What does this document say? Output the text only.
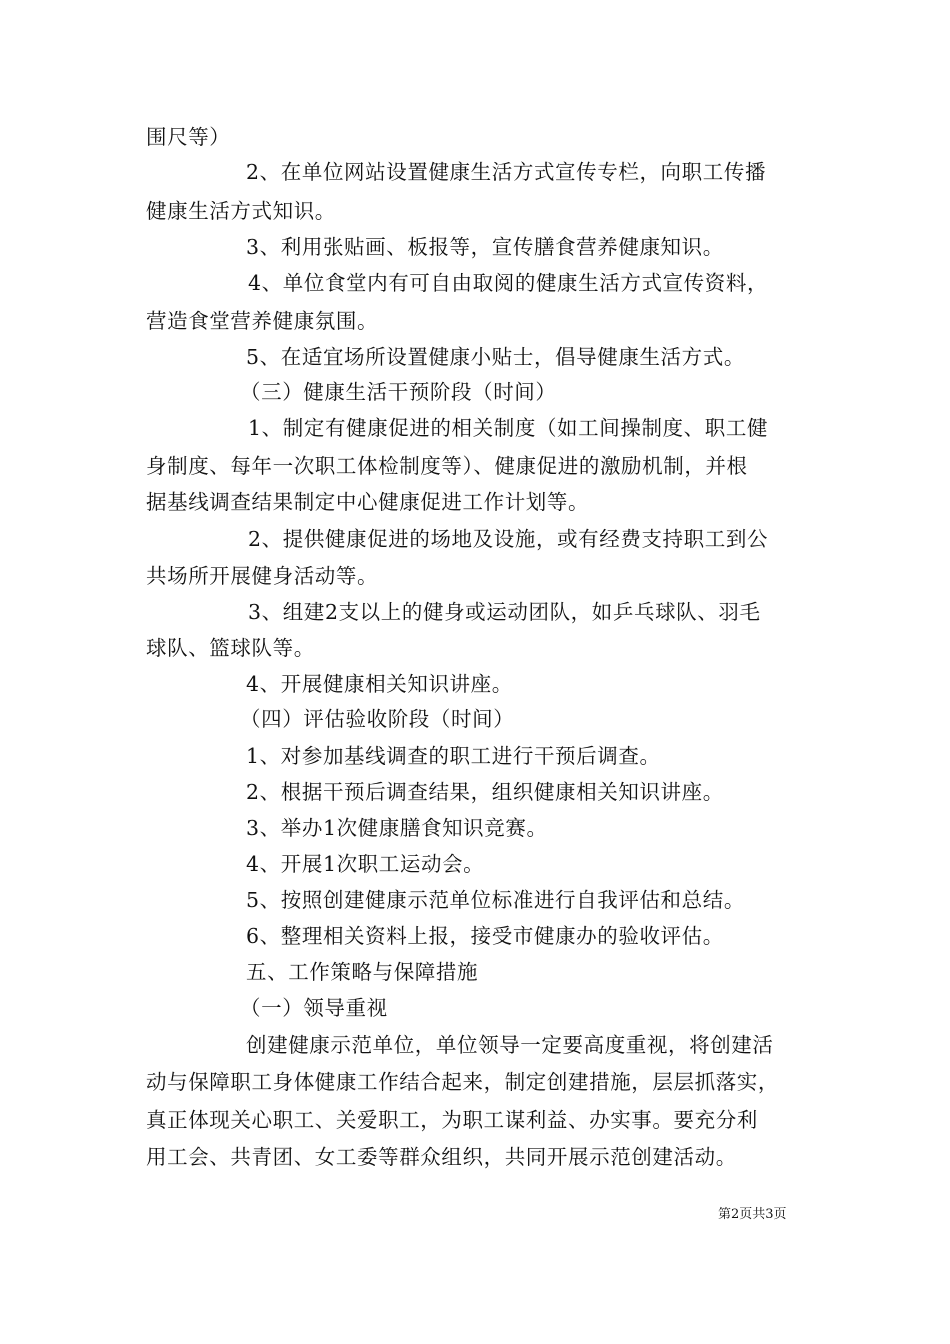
围尺等）
2、在单位网站设置健康生活方式宣传专栏，向职工传播
健康生活方式知识。
3、利用张贴画、板报等，宣传膳食营养健康知识。
4、单位食堂内有可自由取阅的健康生活方式宣传资料，
营造食堂营养健康氛围。
5、在适宜场所设置健康小贴士，倡导健康生活方式。
（三）健康生活干预阶段（时间）
1、制定有健康促进的相关制度（如工间操制度、职工健
身制度、每年一次职工体检制度等）、健康促进的激励机制，并根
据基线调查结果制定中心健康促进工作计划等。
2、提供健康促进的场地及设施，或有经费支持职工到公
共场所开展健身活动等。
3、组建2支以上的健身或运动团队，如乒乓球队、羽毛
球队、篮球队等。
4、开展健康相关知识讲座。
（四）评估验收阶段（时间）
1、对参加基线调查的职工进行干预后调查。
2、根据干预后调查结果，组织健康相关知识讲座。
3、举办1次健康膳食知识竞赛。
4、开展1次职工运动会。
5、按照创建健康示范单位标准进行自我评估和总结。
6、整理相关资料上报，接受市健康办的验收评估。
五、工作策略与保障措施
（一）领导重视
创建健康示范单位，单位领导一定要高度重视，将创建活
动与保障职工身体健康工作结合起来，制定创建措施，层层抓落实，
真正体现关心职工、关爱职工，为职工谋利益、办实事。要充分利
用工会、共青团、女工委等群众组织，共同开展示范创建活动。
第2页共3页
